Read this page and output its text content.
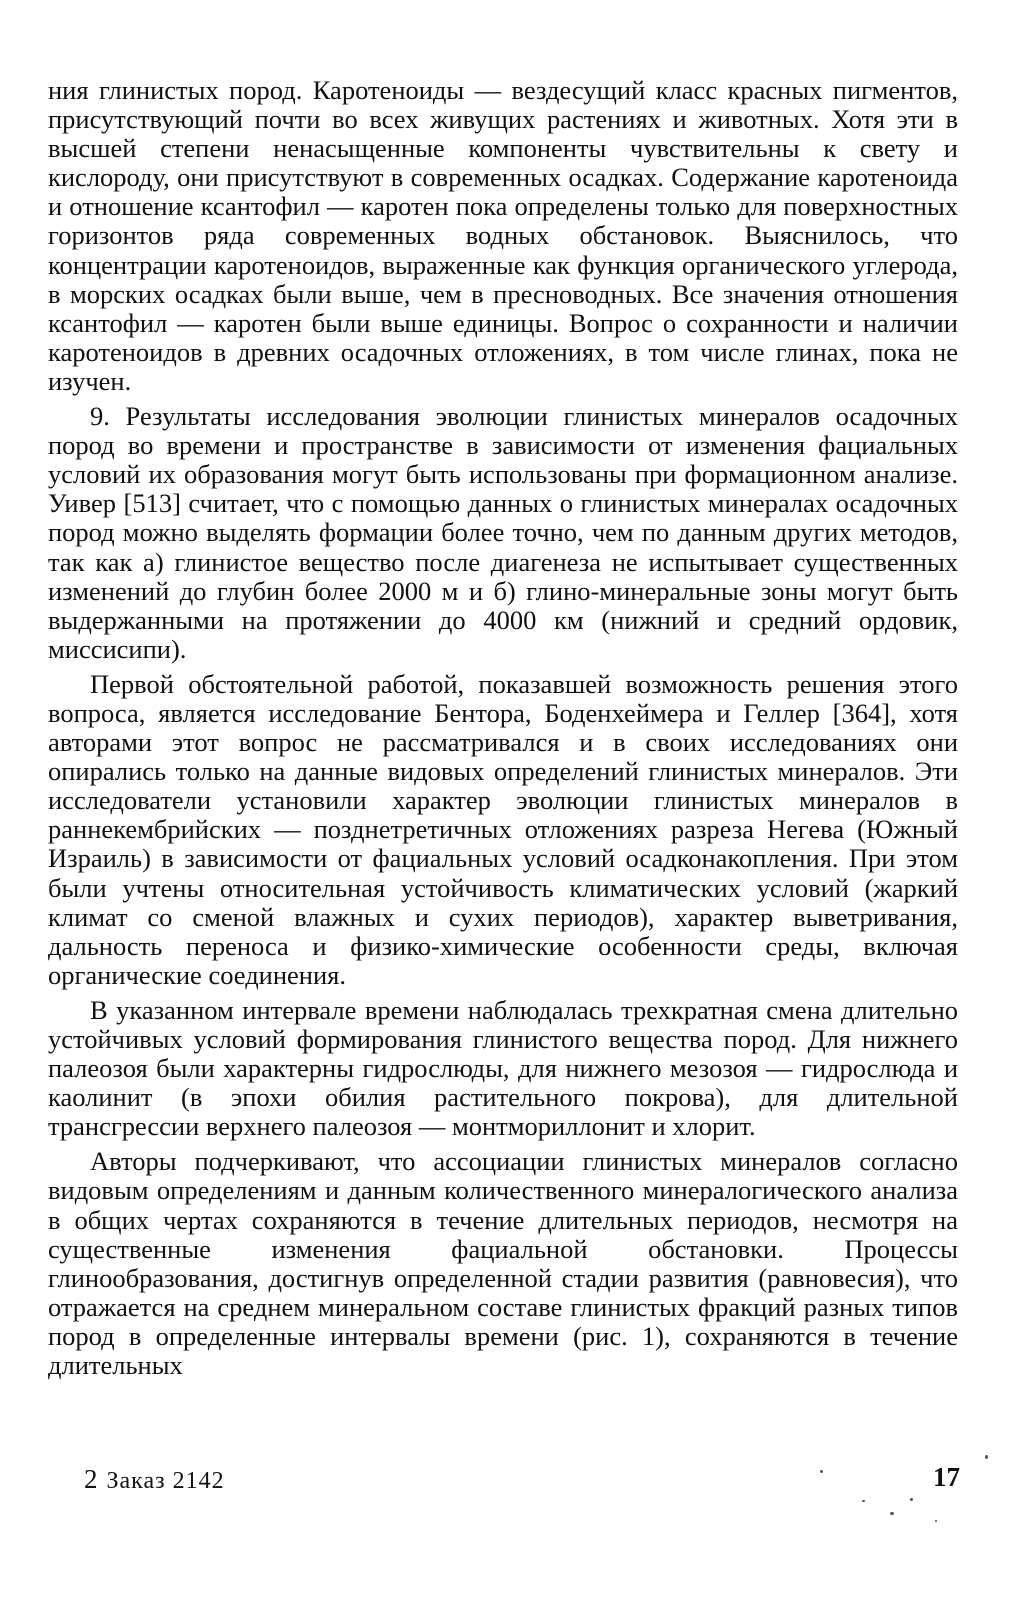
ния глинистых пород. Каротеноиды — вездесущий класс красных пигментов, присутствующий почти во всех живущих растениях и животных. Хотя эти в высшей степени ненасыщенные компоненты чувствительны к свету и кислороду, они присутствуют в современных осадках. Содержание каротеноида и отношение ксантофил — каротен пока определены только для поверхностных горизонтов ряда современных водных обстановок. Выяснилось, что концентрации каротеноидов, выраженные как функция органического углерода, в морских осадках были выше, чем в пресноводных. Все значения отношения ксантофил — каротен были выше единицы. Вопрос о сохранности и наличии каротеноидов в древних осадочных отложениях, в том числе глинах, пока не изучен.

9. Результаты исследования эволюции глинистых минералов осадочных пород во времени и пространстве в зависимости от изменения фациальных условий их образования могут быть использованы при формационном анализе. Уивер [513] считает, что с помощью данных о глинистых минералах осадочных пород можно выделять формации более точно, чем по данным других методов, так как а) глинистое вещество после диагенеза не испытывает существенных изменений до глубин более 2000 м и б) глино-минеральные зоны могут быть выдержанными на протяжении до 4000 км (нижний и средний ордовик, миссисипи).

Первой обстоятельной работой, показавшей возможность решения этого вопроса, является исследование Бентора, Боденхеймера и Геллер [364], хотя авторами этот вопрос не рассматривался и в своих исследованиях они опирались только на данные видовых определений глинистых минералов. Эти исследователи установили характер эволюции глинистых минералов в раннекембрийских — позднетретичных отложениях разреза Негева (Южный Израиль) в зависимости от фациальных условий осадконакопления. При этом были учтены относительная устойчивость климатических условий (жаркий климат со сменой влажных и сухих периодов), характер выветривания, дальность переноса и физико-химические особенности среды, включая органические соединения.

В указанном интервале времени наблюдалась трехкратная смена длительно устойчивых условий формирования глинистого вещества пород. Для нижнего палеозоя были характерны гидрослюды, для нижнего мезозоя — гидрослюда и каолинит (в эпохи обилия растительного покрова), для длительной трансгрессии верхнего палеозоя — монтмориллонит и хлорит.

Авторы подчеркивают, что ассоциации глинистых минералов согласно видовым определениям и данным количественного минералогического анализа в общих чертах сохраняются в течение длительных периодов, несмотря на существенные изменения фациальной обстановки. Процессы глинообразования, достигнув определенной стадии развития (равновесия), что отражается на среднем минеральном составе глинистых фракций разных типов пород в определенные интервалы времени (рис. 1), сохраняются в течение длительных

2 Заказ 2142	17
